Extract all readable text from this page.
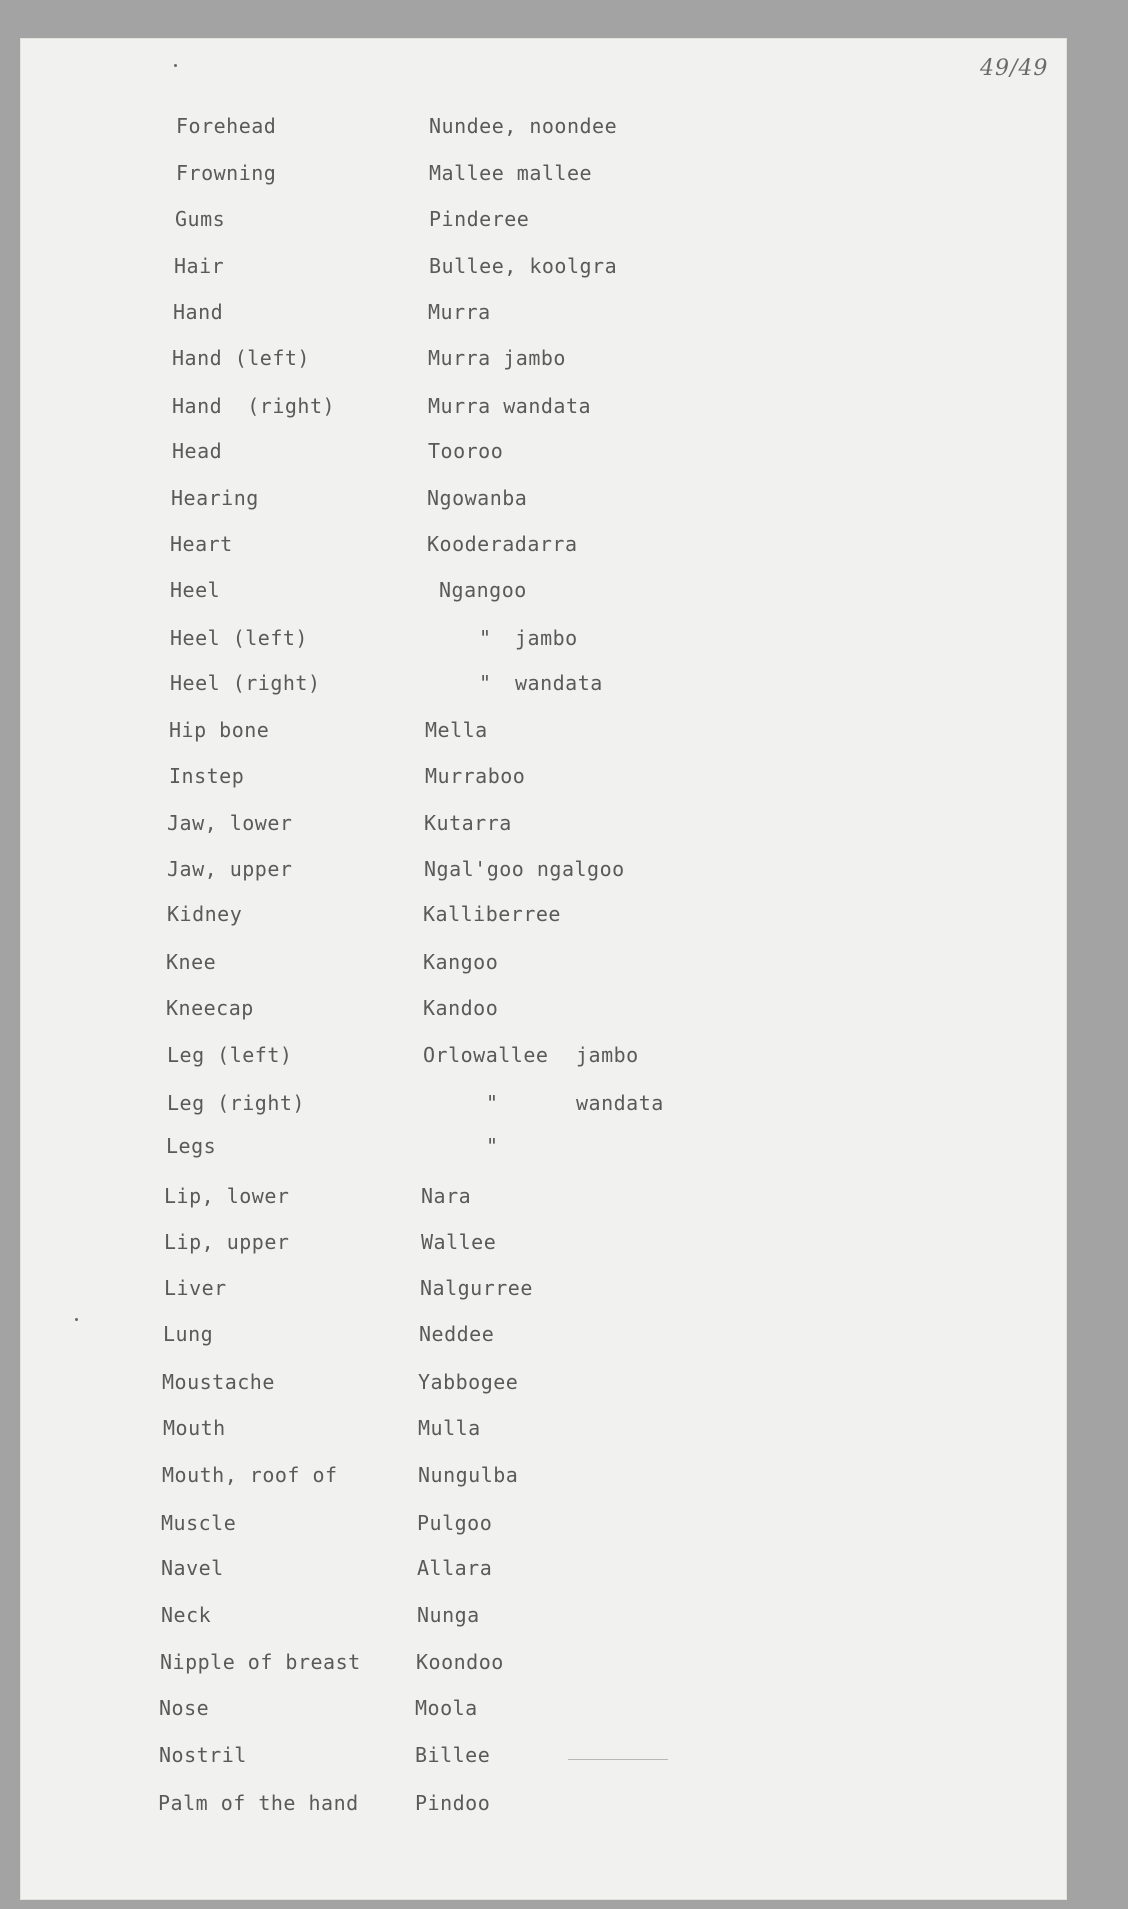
49/49
Forehead	Nundee, noondee
Frowning	Mallee mallee
Gums	Pinderee
Hair	Bullee, koolgra
Hand	Murra
Hand (left)	Murra jambo
Hand  (right)	Murra wandata
Head	Tooroo
Hearing	Ngowanba
Heart	Kooderadarra
Heel	Ngangoo
Heel (left)	" jambo
Heel (right)	" wandata
Hip bone	Mella
Instep	Murraboo
Jaw, lower	Kutarra
Jaw, upper	Ngal'goo ngalgoo
Kidney	Kalliberree
Knee	Kangoo
Kneecap	Kandoo
Leg (left)	Orlowallee jambo
Leg (right)	"	wandata
Legs	"
Lip, lower	Nara
Lip, upper	Wallee
Liver	Nalgurree
Lung	Neddee
Moustache	Yabbogee
Mouth	Mulla
Mouth, roof of	Nungulba
Muscle	Pulgoo
Navel	Allara
Neck	Nunga
Nipple of breast	Koondoo
Nose	Moola
Nostril	Billee
Palm of the hand	Pindoo
